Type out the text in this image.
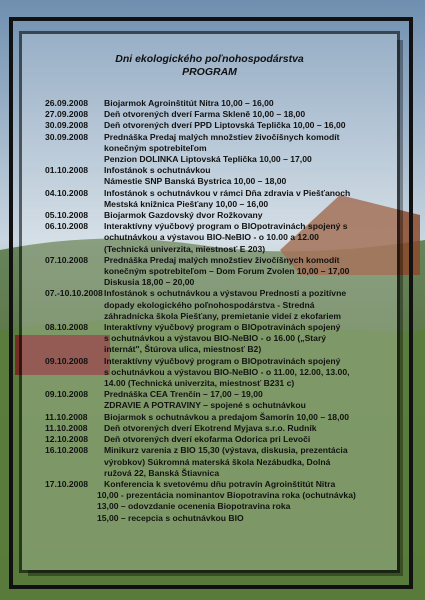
Dni ekologického poľnohospodárstva
PROGRAM
26.09.2008	Biojarmok Agroinštitút Nitra 10,00 – 16,00
27.09.2008	Deň otvorených dverí Farma Skleně 10,00 – 18,00
30.09.2008	Deň otvorených dverí PPD Liptovská Teplička 10,00 – 16,00
30.09.2008	Prednáška Predaj malých množstiev živočíšnych komodít
konečným spotrebiteľom
Penzion DOLINKA Liptovská Teplička 10,00 – 17,00
01.10.2008	Infostánok s ochutnávkou
Námestie SNP Banská Bystrica 10,00 – 18,00
04.10.2008	Infostánok s ochutnávkou v rámci Dňa zdravia v Piešťanoch
Mestská knižnica Piešťany 10,00 – 16,00
05.10.2008	Biojarmok Gazdovský dvor Rožkovany
06.10.2008	Interaktívny výučbový program o BIOpotravinách spojený s
ochutnávkou a výstavou BIO-NeBIO - o 10.00 a 12.00
(Technická univerzita, miestnosť E 203)
07.10.2008	Prednáška Predaj malých množstiev živočíšnych komodít
konečným spotrebiteľom – Dom Forum Zvolen 10,00 – 17,00
Diskusia 18,00 – 20,00
07.-10.10.2008 Infostánok s ochutnávkou a výstavou Prednosti a pozitívne
dopady ekologického poľnohospodárstva - Stredná
záhradnícka škola Piešťany, premietanie videí z ekofariem
08.10.2008	Interaktívny výučbový program o BIOpotravinách spojený
s ochutnávkou a výstavou BIO-NeBIO - o 16.00 („Starý
internát", Štúrova ulica, miestnosť B2)
09.10.2008	Interaktívny výučbový program o BIOpotravinách spojený
s ochutnávkou a výstavou BIO-NeBIO - o 11.00, 12.00, 13.00,
14.00 (Technická univerzita, miestnosť B231 c)
09.10.2008	Prednáška CEA Trenčín – 17,00 – 19,00
ZDRAVIE A POTRAVINY – spojené s ochutnávkou
11.10.2008	Biojarmok s ochutnávkou a predajom Šamorín 10,00 – 18,00
11.10.2008	Deň otvorených dverí Ekotrend Myjava s.r.o. Rudník
12.10.2008	Deň otvorených dverí ekofarma Odorica pri Levoči
16.10.2008	Minikurz varenia z BIO 15,30 (výstava, diskusia, prezentácia
výrobkov) Súkromná materská škola Nezábudka, Dolná
ružová 22, Banská Štiavnica
17.10.2008	Konferencia k svetovému dňu potravín Agroinštitút Nitra
10,00 - prezentácia nominantov Biopotravina roka (ochutnávka)
13,00 – odovzdanie ocenenia Biopotravina roka
15,00 – recepcia s ochutnávkou BIO
